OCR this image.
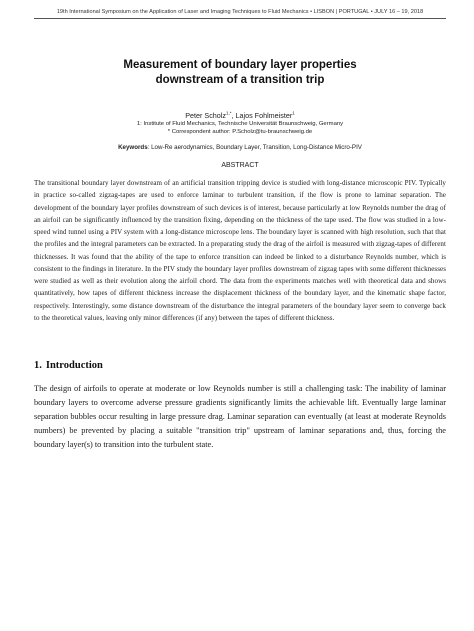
19th International Symposium on the Application of Laser and Imaging Techniques to Fluid Mechanics • LISBON | PORTUGAL • JULY 16 – 19, 2018
Measurement of boundary layer properties
downstream of a transition trip
Peter Scholz$^{1,*}$, Lajos Fohlmeister$^1$
1: Institute of Fluid Mechanics, Technische Universität Braunschweig, Germany
* Correspondent author: P.Scholz@tu-braunschweig.de
Keywords: Low-Re aerodynamics, Boundary Layer, Transition, Long-Distance Micro-PIV
ABSTRACT
The transitional boundary layer downstream of an artificial transition tripping device is studied with long-distance microscopic PIV. Typically in practice so-called zigzag-tapes are used to enforce laminar to turbulent transition, if the flow is prone to laminar separation. The development of the boundary layer profiles downstream of such devices is of interest, because particularly at low Reynolds number the drag of an airfoil can be significantly influenced by the transition fixing, depending on the thickness of the tape used. The flow was studied in a low-speed wind tunnel using a PIV system with a long-distance microscope lens. The boundary layer is scanned with high resolution, such that that the profiles and the integral parameters can be extracted. In a preparating study the drag of the airfoil is measured with zigzag-tapes of different thicknesses. It was found that the ability of the tape to enforce transition can indeed be linked to a disturbance Reynolds number, which is consistent to the findings in literature. In the PIV study the boundary layer profiles downstream of zigzag tapes with some different thicknesses were studied as well as their evolution along the airfoil chord. The data from the experiments matches well with theoretical data and shows quantitatively, how tapes of different thickness increase the displacement thickness of the boundary layer, and the kinematic shape factor, respectively. Interestingly, some distance downstream of the disturbance the integral parameters of the boundary layer seem to converge back to the theoretical values, leaving only minor differences (if any) between the tapes of different thickness.
1. Introduction
The design of airfoils to operate at moderate or low Reynolds number is still a challenging task: The inability of laminar boundary layers to overcome adverse pressure gradients significantly limits the achievable lift. Eventually large laminar separation bubbles occur resulting in large pressure drag. Laminar separation can eventually (at least at moderate Reynolds numbers) be prevented by placing a suitable "transition trip" upstream of laminar separations and, thus, forcing the boundary layer(s) to transition into the turbulent state.
